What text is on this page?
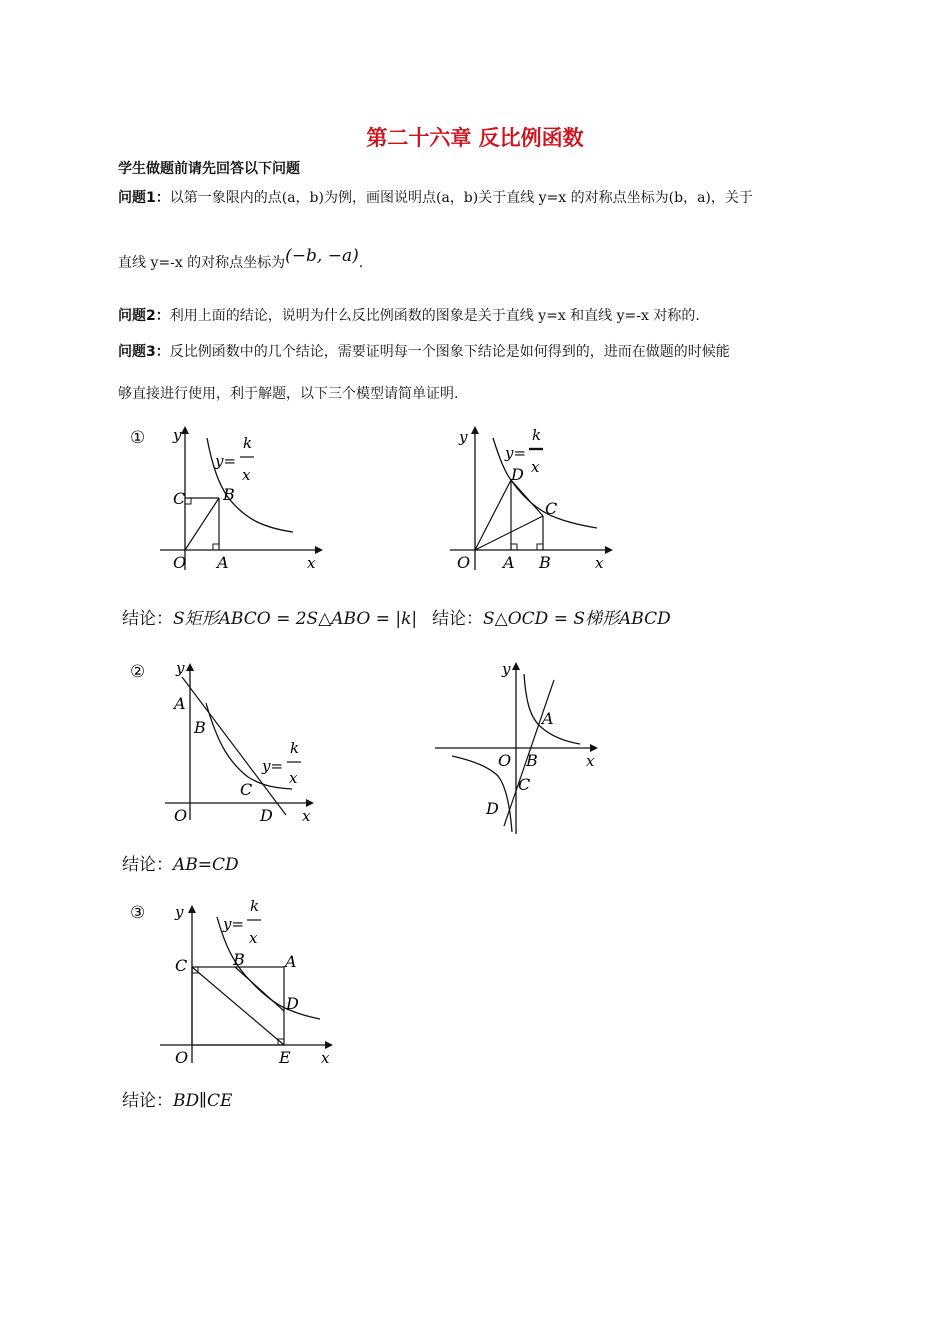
第二十六章 反比例函数
学生做题前请先回答以下问题
问题1：以第一象限内的点(a，b)为例，画图说明点(a，b)关于直线 y=x 的对称点坐标为(b，a)，关于
直线 y=-x 的对称点坐标为(−b, −a).
问题2：利用上面的结论，说明为什么反比例函数的图象是关于直线 y=x 和直线 y=-x 对称的.
问题3：反比例函数中的几个结论，需要证明每一个图象下结论是如何得到的，进而在做题的时候能
够直接进行使用，利于解题，以下三个模型请简单证明.
①
②
③
y
x
O A
B
C
y=
k
x
y
x
O A B
C
D
y=
k
x
结论：S矩形ABCO = 2S△ABO = |k| 结论：S△OCD = S梯形ABCD
y
x
O
A
B
C
D
y=
k
x
y
x
O
A
B
C
D
结论：AB=CD
y
x
O
C	B	A
D
E
y=
k
x
结论：BD∥CE
